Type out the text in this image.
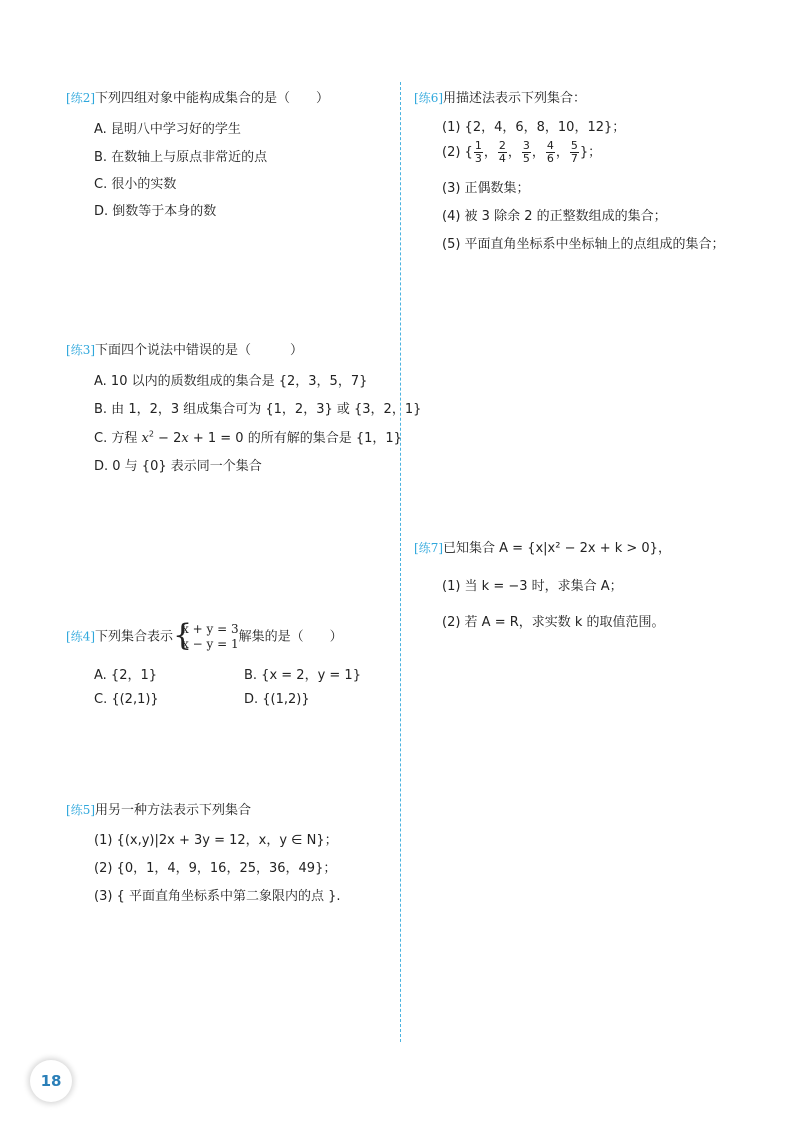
[练2]下列四组对象中能构成集合的是（　　）
A. 昆明八中学习好的学生
B. 在数轴上与原点非常近的点
C. 很小的实数
D. 倒数等于本身的数
[练3]下面四个说法中错误的是（　　　）
A. 10 以内的质数组成的集合是 {2，3，5，7}
B. 由 1，2，3 组成集合可为 {1，2，3} 或 {3，2，1}
C. 方程 $x^2 - 2x + 1 = 0$ 的所有解的集合是 {1，1}
D. 0 与 {0} 表示同一个集合
[练4]下列集合表示 {
x + y = 3
x − y = 1 解集的是（　　）
A. {2，1}	B. {x = 2，y = 1}
C. {(2,1)}	D. {(1,2)}
[练5]用另一种方法表示下列集合
(1) {(x,y)|2x + 3y = 12，x，y ∈ N}；
(2) {0，1，4，9，16，25，36，49}；
(3) { 平面直角坐标系中第二象限内的点 }.
[练6]用描述法表示下列集合：
(1) {2，4，6，8，10，12}；
(2) { $\frac{1}{3}$ ， $\frac{2}{4}$ ， $\frac{3}{5}$ ， $\frac{4}{6}$ ， $\frac{5}{7}$ }；
(3) 正偶数集；
(4) 被 3 除余 2 的正整数组成的集合；
(5) 平面直角坐标系中坐标轴上的点组成的集合；
[练7]已知集合 A = {x|x² − 2x + k > 0}，
(1) 当 k = −3 时，求集合 A；
(2) 若 A = R，求实数 k 的取值范围。
18
